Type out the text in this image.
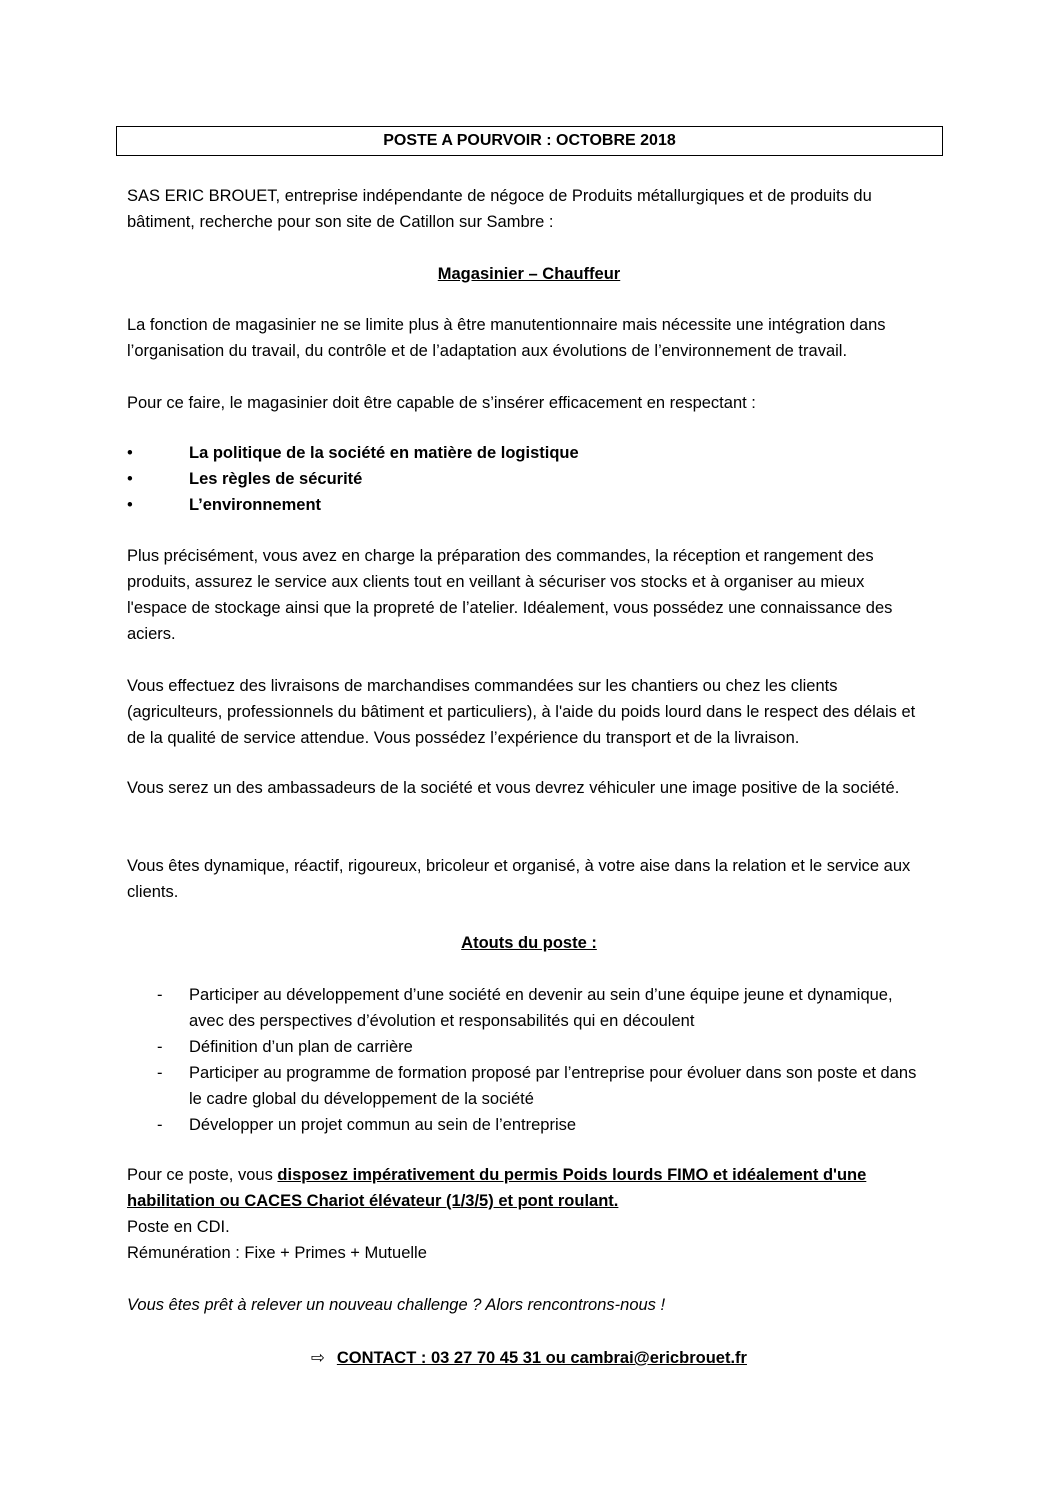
POSTE A POURVOIR : OCTOBRE 2018

SAS ERIC BROUET, entreprise indépendante de négoce de Produits métallurgiques et de produits du bâtiment, recherche pour son site de Catillon sur Sambre :

Magasinier – Chauffeur

La fonction de magasinier ne se limite plus à être manutentionnaire mais nécessite une intégration dans l’organisation du travail, du contrôle et de l’adaptation aux évolutions de l’environnement de travail.

Pour ce faire, le magasinier doit être capable de s’insérer efficacement en respectant :

•	La politique de la société en matière de logistique
•	Les règles de sécurité
•	L’environnement

Plus précisément, vous avez en charge la préparation des commandes, la réception et rangement des produits, assurez le service aux clients tout en veillant à sécuriser vos stocks et à organiser au mieux l'espace de stockage ainsi que la propreté de l’atelier. Idéalement, vous possédez une connaissance des aciers.

Vous effectuez des livraisons de marchandises commandées sur les chantiers ou chez les clients (agriculteurs, professionnels du bâtiment et particuliers), à l'aide du poids lourd dans le respect des délais et de la qualité de service attendue. Vous possédez l’expérience du transport et de la livraison.

Vous serez un des ambassadeurs de la société et vous devrez véhiculer une image positive de la société.

Vous êtes dynamique, réactif, rigoureux, bricoleur et organisé, à votre aise dans la relation et le service aux clients.

Atouts du poste :
- Participer au développement d’une société en devenir au sein d’une équipe jeune et dynamique, avec des perspectives d’évolution et responsabilités qui en découlent
- Définition d’un plan de carrière
- Participer au programme de formation proposé par l’entreprise pour évoluer dans son poste et dans le cadre global du développement de la société
- Développer un projet commun au sein de l’entreprise

Pour ce poste, vous disposez impérativement du permis Poids lourds FIMO et idéalement d'une habilitation ou CACES Chariot élévateur (1/3/5) et pont roulant.

Poste en CDI.

Rémunération : Fixe + Primes + Mutuelle

Vous êtes prêt à relever un nouveau challenge ? Alors rencontrons-nous !

⇨ CONTACT : 03 27 70 45 31 ou cambrai@ericbrouet.fr
